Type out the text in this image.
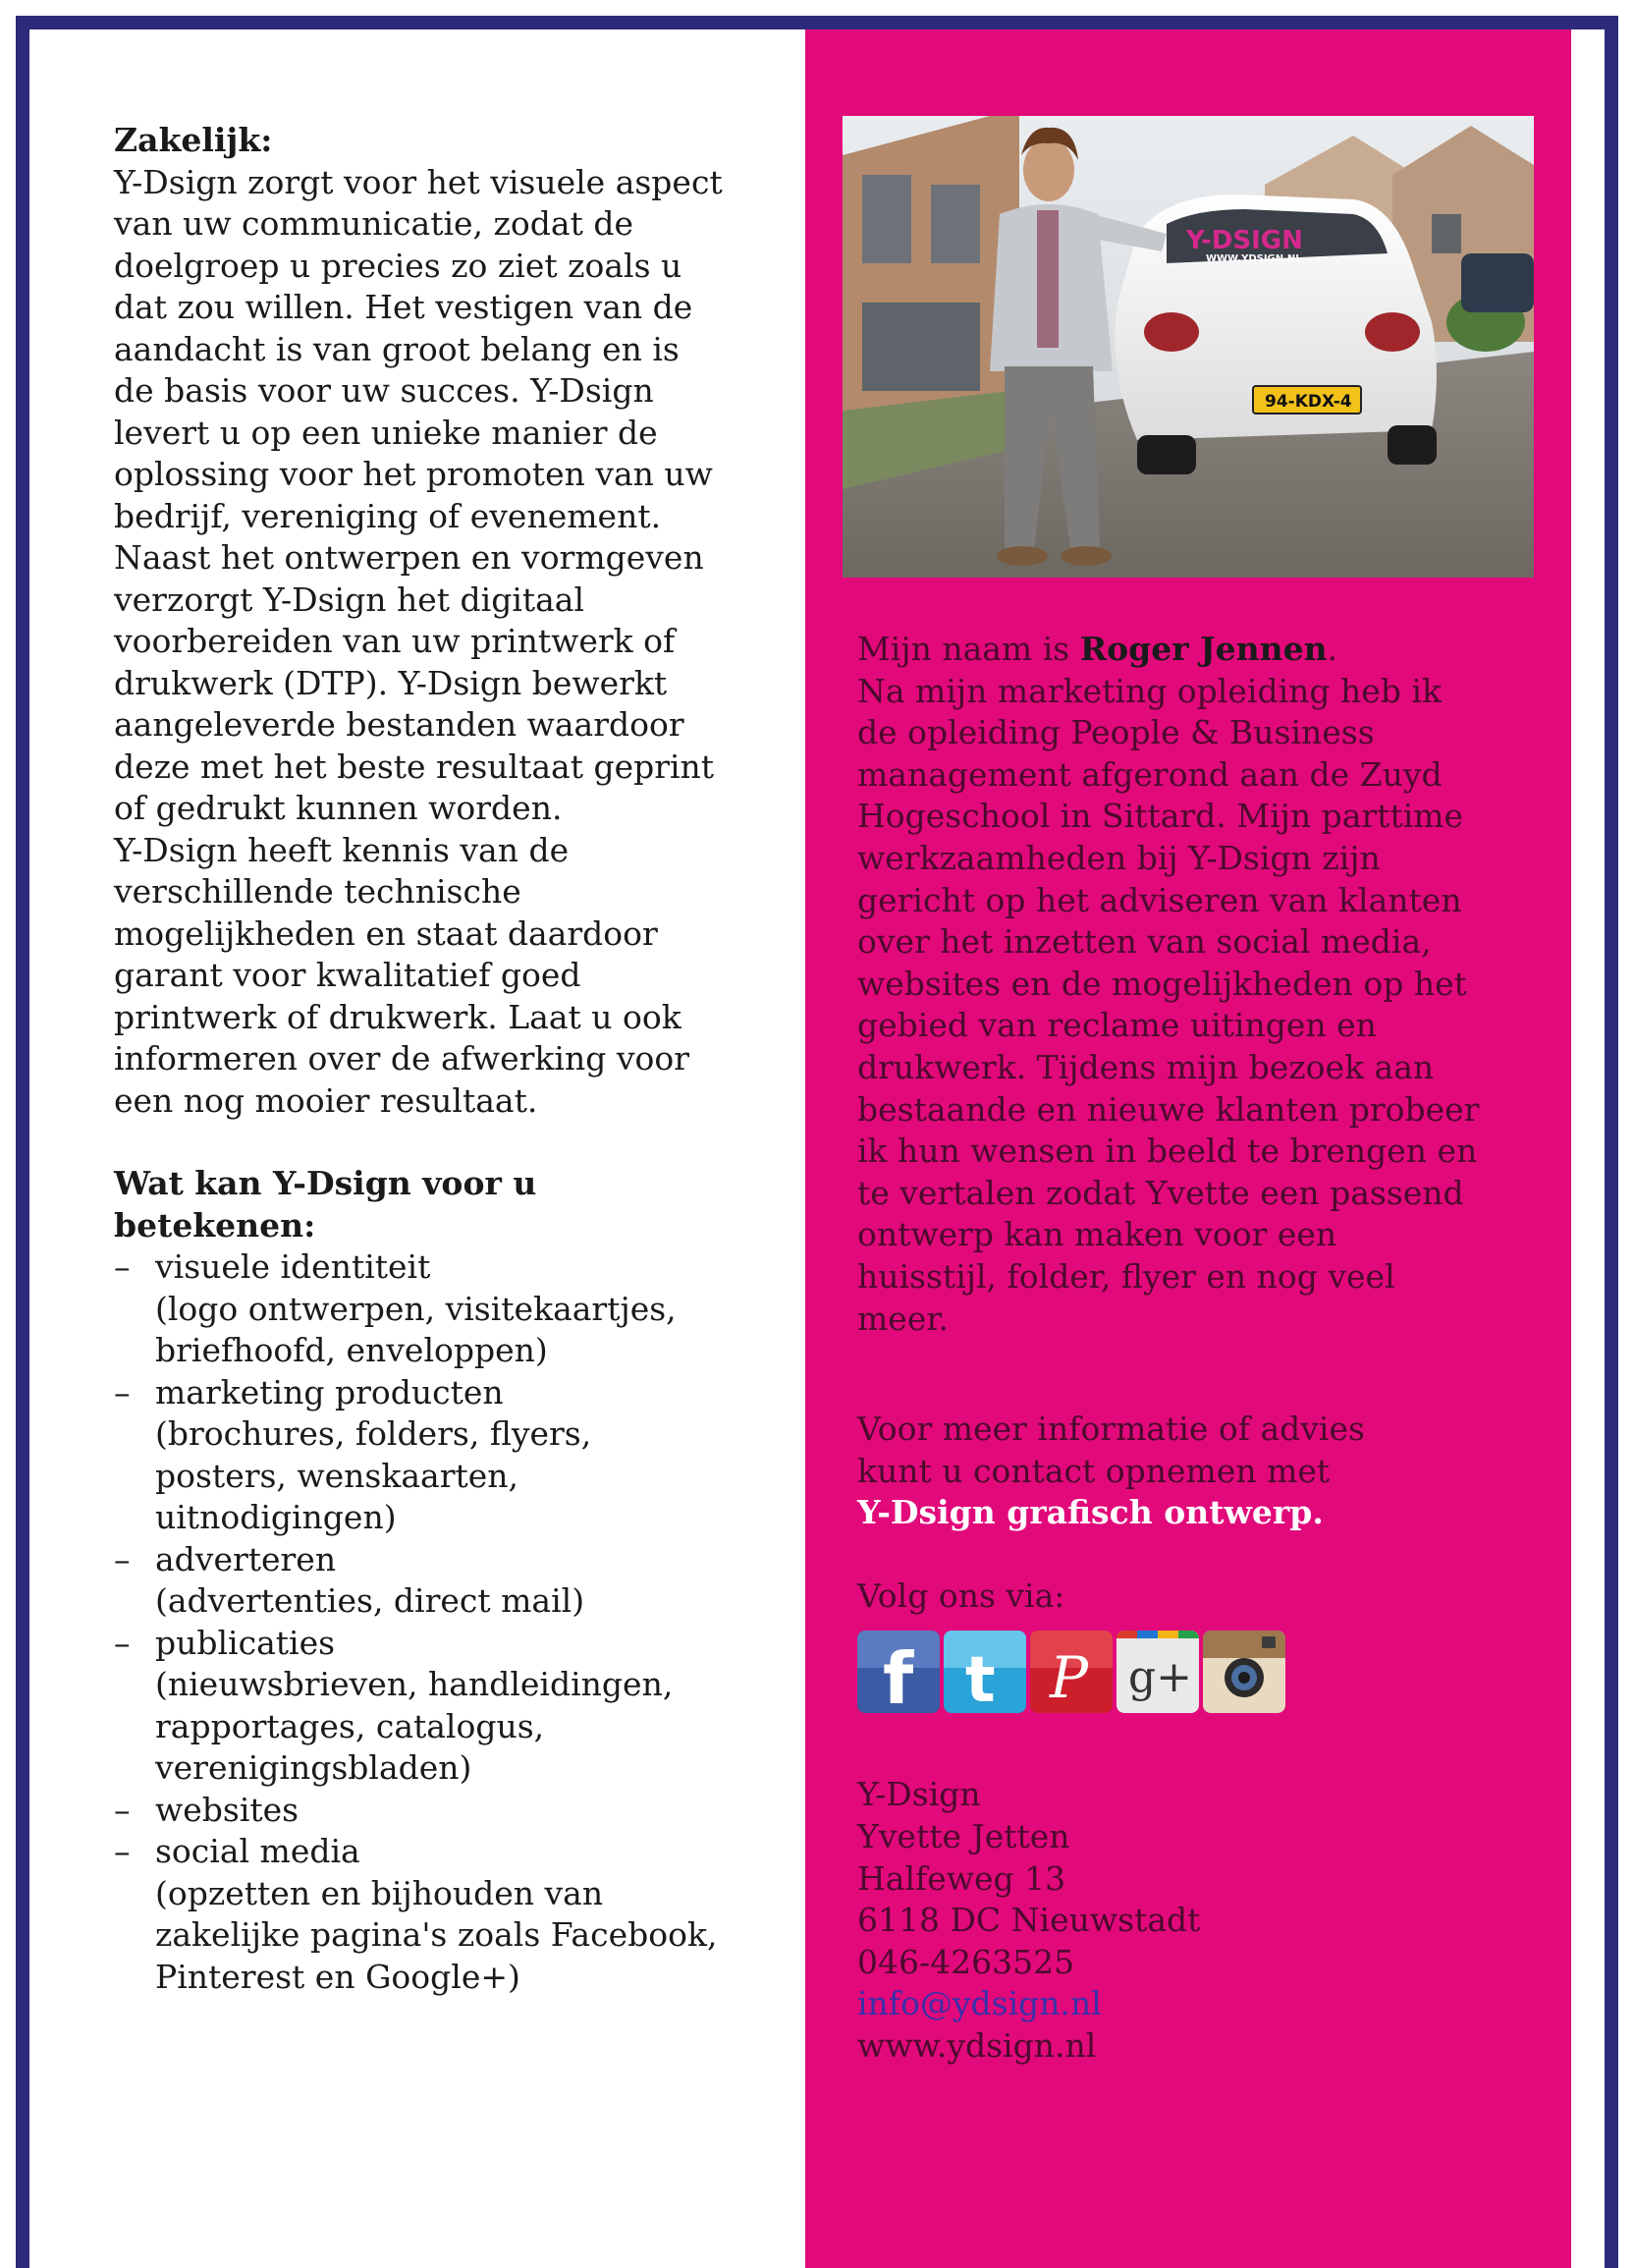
Zakelijk:

Y-Dsign zorgt voor het visuele aspect

van uw communicatie, zodat de

doelgroep u precies zo ziet zoals u

dat zou willen. Het vestigen van de

aandacht is van groot belang en is

de basis voor uw succes. Y-Dsign

levert u op een unieke manier de

oplossing voor het promoten van uw

bedrijf, vereniging of evenement.

Naast het ontwerpen en vormgeven

verzorgt Y-Dsign het digitaal

voorbereiden van uw printwerk of

drukwerk (DTP). Y-Dsign bewerkt

aangeleverde bestanden waardoor

deze met het beste resultaat geprint

of gedrukt kunnen worden.

Y-Dsign heeft kennis van de

verschillende technische

mogelijkheden en staat daardoor

garant voor kwalitatief goed

printwerk of drukwerk. Laat u ook

informeren over de afwerking voor

een nog mooier resultaat.

Wat kan Y-Dsign voor u

betekenen:

– visuele identiteit
(logo ontwerpen, visitekaartjes,
briefhoofd, enveloppen)
– marketing producten
(brochures, folders, flyers,
posters, wenskaarten,
uitnodigingen)
– adverteren
(advertenties, direct mail)
– publicaties
(nieuwsbrieven, handleidingen,
rapportages, catalogus,
verenigingsbladen)
– websites
– social media
(opzetten en bijhouden van
zakelijke pagina's zoals Facebook,
Pinterest en Google+)
Y-DSIGN
WWW.YDSIGN.NL
94-KDX-4

Mijn naam is Roger Jennen.

Na mijn marketing opleiding heb ik

de opleiding People & Business

management afgerond aan de Zuyd

Hogeschool in Sittard. Mijn parttime

werkzaamheden bij Y-Dsign zijn

gericht op het adviseren van klanten

over het inzetten van social media,

websites en de mogelijkheden op het

gebied van reclame uitingen en

drukwerk. Tijdens mijn bezoek aan

bestaande en nieuwe klanten probeer

ik hun wensen in beeld te brengen en

te vertalen zodat Yvette een passend

ontwerp kan maken voor een

huisstijl, folder, flyer en nog veel

meer.

Voor meer informatie of advies

kunt u contact opnemen met

Y-Dsign grafisch ontwerp.

Volg ons via:

f t P g+

Y-Dsign

Yvette Jetten

Halfeweg 13

6118 DC Nieuwstadt

046-4263525

info@ydsign.nl

www.ydsign.nl
